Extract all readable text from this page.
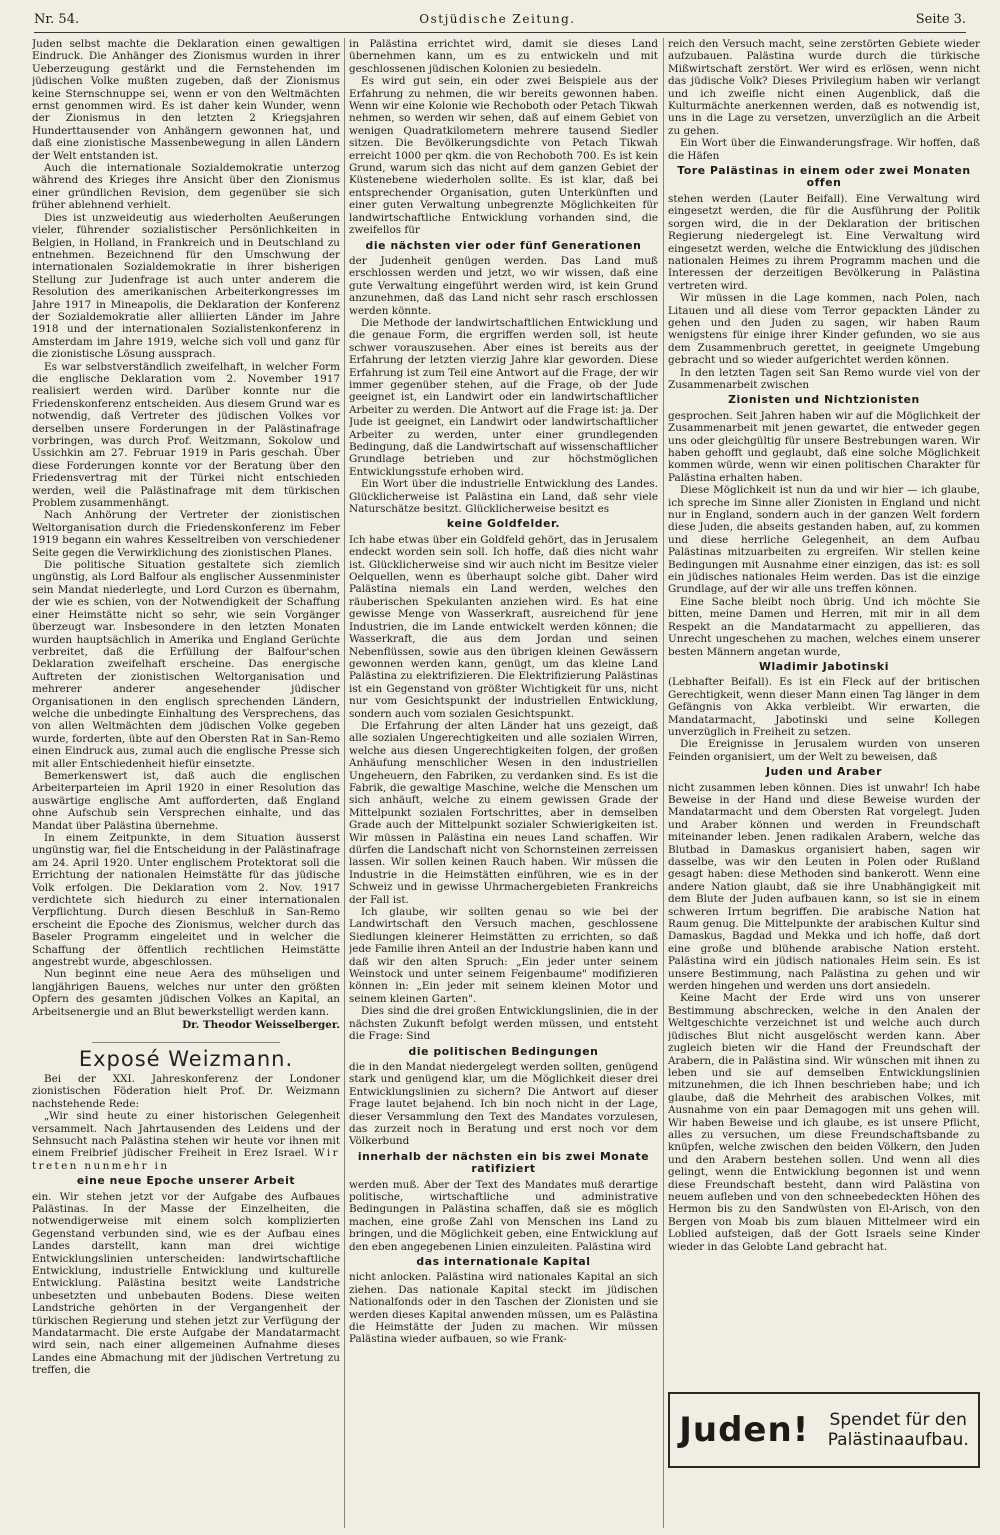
Nr. 54.	Ostjüdische Zeitung.	Seite 3.

Juden selbst machte die Deklaration einen gewaltigen Eindruck. Die Anhänger des Zionismus wurden in ihrer Ueberzeugung gestärkt und die Fernstehenden im jüdischen Volke mußten zugeben, daß der Zionismus keine Sternschnuppe sei, wenn er von den Weltmächten ernst genommen wird. Es ist daher kein Wunder, wenn der Zionismus in den letzten 2 Kriegsjahren Hunderttausender von Anhängern gewonnen hat, und daß eine zionistische Massenbewegung in allen Ländern der Welt entstanden ist.

Auch die internationale Sozialdemokratie unterzog während des Krieges ihre Ansicht über den Zionismus einer gründlichen Revision, dem gegenüber sie sich früher ablehnend verhielt.

Dies ist unzweideutig aus wiederholten Aeußerungen vieler, führender sozialistischer Persönlichkeiten in Belgien, in Holland, in Frankreich und in Deutschland zu entnehmen. Bezeichnend für den Umschwung der internationalen Sozialdemokratie in ihrer bisherigen Stellung zur Judenfrage ist auch unter anderem die Resolution des amerikanischen Arbeiterkongresses im Jahre 1917 in Mineapolis, die Deklaration der Konferenz der Sozialdemokratie aller alliierten Länder im Jahre 1918 und der internationalen Sozialistenkonferenz in Amsterdam im Jahre 1919, welche sich voll und ganz für die zionistische Lösung aussprach.

Es war selbstverständlich zweifelhaft, in welcher Form die englische Deklaration vom 2. November 1917 realisiert werden wird. Darüber konnte nur die Friedenskonferenz entscheiden. Aus diesem Grund war es notwendig, daß Vertreter des jüdischen Volkes vor derselben unsere Forderungen in der Palästinafrage vorbringen, was durch Prof. Weitzmann, Sokolow und Ussichkin am 27. Februar 1919 in Paris geschah. Über diese Forderungen konnte vor der Beratung über den Friedensvertrag mit der Türkei nicht entschieden werden, weil die Palästinafrage mit dem türkischen Problem zusammenhängt.

Nach Anhörung der Vertreter der zionistischen Weltorganisation durch die Friedenskonferenz im Feber 1919 begann ein wahres Kesseltreiben von verschiedener Seite gegen die Verwirklichung des zionistischen Planes.

Die politische Situation gestaltete sich ziemlich ungünstig, als Lord Balfour als englischer Aussenminister sein Mandat niederlegte, und Lord Curzon es übernahm, der wie es schien, von der Notwendigkeit der Schaffung einer Heimstätte nicht so sehr, wie sein Vorgänger überzeugt war. Insbesondere in den letzten Monaten wurden hauptsächlich in Amerika und England Gerüchte verbreitet, daß die Erfüllung der Balfour'schen Deklaration zweifelhaft erscheine. Das energische Auftreten der zionistischen Weltorganisation und mehrerer anderer angesehender jüdischer Organisationen in den englisch sprechenden Ländern, welche die unbedingte Einhaltung des Versprechens, das von allen Weltmächten dem jüdischen Volke gegeben wurde, forderten, übte auf den Obersten Rat in San-Remo einen Eindruck aus, zumal auch die englische Presse sich mit aller Entschiedenheit hiefür einsetzte.

Bemerkenswert ist, daß auch die englischen Arbeiterparteien im April 1920 in einer Resolution das auswärtige englische Amt aufforderten, daß England ohne Aufschub sein Versprechen einhalte, und das Mandat über Palästina übernehme.

In einem Zeitpunkte, in dem Situation äusserst ungünstig war, fiel die Entscheidung in der Palästinafrage am 24. April 1920. Unter englischem Protektorat soll die Errichtung der nationalen Heimstätte für das jüdische Volk erfolgen. Die Deklaration vom 2. Nov. 1917 verdichtete sich hiedurch zu einer internationalen Verpflichtung. Durch diesen Beschluß in San-Remo erscheint die Epoche des Zionismus, welcher durch das Baseler Programm eingeleitet und in welcher die Schaffung der öffentlich rechtlichen Heimstätte angestrebt wurde, abgeschlossen.

Nun beginnt eine neue Aera des mühseligen und langjährigen Bauens, welches nur unter den größten Opfern des gesamten jüdischen Volkes an Kapital, an Arbeitsenergie und an Blut bewerkstelligt werden kann.

Dr. Theodor Weisselberger.
Exposé Weizmann.

Bei der XXI. Jahreskonferenz der Londoner zionistischen Föderation hielt Prof. Dr. Weizmann nachstehende Rede:

„Wir sind heute zu einer historischen Gelegenheit versammelt. Nach Jahrtausenden des Leidens und der Sehnsucht nach Palästina stehen wir heute vor ihnen mit einem Freibrief jüdischer Freiheit in Erez Israel. Wir treten nunmehr in

eine neue Epoche unserer Arbeit

ein. Wir stehen jetzt vor der Aufgabe des Aufbaues Palästinas. In der Masse der Einzelheiten, die notwendigerweise mit einem solch komplizierten Gegenstand verbunden sind, wie es der Aufbau eines Landes darstellt, kann man drei wichtige Entwicklungslinien unterscheiden: landwirtschaftliche Entwicklung, industrielle Entwicklung und kulturelle Entwicklung. Palästina besitzt weite Landstriche unbesetzten und unbebauten Bodens. Diese weiten Landstriche gehörten in der Vergangenheit der türkischen Regierung und stehen jetzt zur Verfügung der Mandatarmacht. Die erste Aufgabe der Mandatarmacht wird sein, nach einer allgemeinen Aufnahme dieses Landes eine Abmachung mit der jüdischen Vertretung zu treffen, die

in Palästina errichtet wird, damit sie dieses Land übernehmen kann, um es zu entwickeln und mit geschlossenen jüdischen Kolonien zu besiedeln.

Es wird gut sein, ein oder zwei Beispiele aus der Erfahrung zu nehmen, die wir bereits gewonnen haben. Wenn wir eine Kolonie wie Rechoboth oder Petach Tikwah nehmen, so werden wir sehen, daß auf einem Gebiet von wenigen Quadratkilometern mehrere tausend Siedler sitzen. Die Bevölkerungsdichte von Petach Tikwah erreicht 1000 per qkm. die von Rechoboth 700. Es ist kein Grund, warum sich das nicht auf dem ganzen Gebiet der Küstenebene wiederholen sollte. Es ist klar, daß bei entsprechender Organisation, guten Unterkünften und einer guten Verwaltung unbegrenzte Möglichkeiten für landwirtschaftliche Entwicklung vorhanden sind, die zweifellos für

die nächsten vier oder fünf Generationen

der Judenheit genügen werden. Das Land muß erschlossen werden und jetzt, wo wir wissen, daß eine gute Verwaltung eingeführt werden wird, ist kein Grund anzunehmen, daß das Land nicht sehr rasch erschlossen werden könnte.

Die Methode der landwirtschaftlichen Entwicklung und die genaue Form, die ergriffen werden soll, ist heute schwer vorauszusehen. Aber eines ist bereits aus der Erfahrung der letzten vierzig Jahre klar geworden. Diese Erfahrung ist zum Teil eine Antwort auf die Frage, der wir immer gegenüber stehen, auf die Frage, ob der Jude geeignet ist, ein Landwirt oder ein landwirtschaftlicher Arbeiter zu werden. Die Antwort auf die Frage ist: ja. Der Jude ist geeignet, ein Landwirt oder landwirtschaftlicher Arbeiter zu werden, unter einer grundlegenden Bedingung, daß die Landwirtschaft auf wissenschaftlicher Grundlage betrieben und zur höchstmöglichen Entwicklungsstufe erhoben wird.

Ein Wort über die industrielle Entwicklung des Landes. Glücklicherweise ist Palästina ein Land, daß sehr viele Naturschätze besitzt. Glücklicherweise besitzt es

keine Goldfelder.

Ich habe etwas über ein Goldfeld gehört, das in Jerusalem endeckt worden sein soll. Ich hoffe, daß dies nicht wahr ist. Glücklicherweise sind wir auch nicht im Besitze vieler Oelquellen, wenn es überhaupt solche gibt. Daher wird Palästina niemals ein Land werden, welches den räuberischen Spekulanten anziehen wird. Es hat eine gewisse Menge von Wasserkraft, ausreichend für jene Industrien, die im Lande entwickelt werden können; die Wasserkraft, die aus dem Jordan und seinen Nebenflüssen, sowie aus den übrigen kleinen Gewässern gewonnen werden kann, genügt, um das kleine Land Palästina zu elektrifizieren. Die Elektrifizierung Palästinas ist ein Gegenstand von größter Wichtigkeit für uns, nicht nur vom Gesichtspunkt der industriellen Entwicklung, sondern auch vom sozialen Gesichtspunkt.

Die Erfahrung der alten Länder hat uns gezeigt, daß alle sozialen Ungerechtigkeiten und alle sozialen Wirren, welche aus diesen Ungerechtigkeiten folgen, der großen Anhäufung menschlicher Wesen in den industriellen Ungeheuern, den Fabriken, zu verdanken sind. Es ist die Fabrik, die gewaltige Maschine, welche die Menschen um sich anhäuft, welche zu einem gewissen Grade der Mittelpunkt sozialen Fortschrittes, aber in demselben Grade auch der Mittelpunkt sozialer Schwierigkeiten ist. Wir müssen in Palästina ein neues Land schaffen. Wir dürfen die Landschaft nicht von Schornsteinen zerreissen lassen. Wir sollen keinen Rauch haben. Wir müssen die Industrie in die Heimstätten einführen, wie es in der Schweiz und in gewisse Uhrmachergebieten Frankreichs der Fall ist.

Ich glaube, wir sollten genau so wie bei der Landwirtschaft den Versuch machen, geschlossene Siedlungen kleinerer Heimstätten zu errichten, so daß jede Familie ihren Anteil an der Industrie haben kann und daß wir den alten Spruch: „Ein jeder unter seinem Weinstock und unter seinem Feigenbaume" modifizieren können in: „Ein jeder mit seinem kleinen Motor und seinem kleinen Garten".

Dies sind die drei großen Entwicklungslinien, die in der nächsten Zukunft befolgt werden müssen, und entsteht die Frage: Sind

die politischen Bedingungen

die in den Mandat niedergelegt werden sollten, genügend stark und genügend klar, um die Möglichkeit dieser drei Entwicklungslinien zu sichern? Die Antwort auf dieser Frage lautet bejahend. Ich bin noch nicht in der Lage, dieser Versammlung den Text des Mandates vorzulesen, das zurzeit noch in Beratung und erst noch vor dem Völkerbund

innerhalb der nächsten ein bis zwei Monate ratifiziert

werden muß. Aber der Text des Mandates muß derartige politische, wirtschaftliche und administrative Bedingungen in Palästina schaffen, daß sie es möglich machen, eine große Zahl von Menschen ins Land zu bringen, und die Möglichkeit geben, eine Entwicklung auf den eben angegebenen Linien einzuleiten. Palästina wird

das internationale Kapital

nicht anlocken. Palästina wird nationales Kapital an sich ziehen. Das nationale Kapital steckt im jüdischen Nationalfonds oder in den Taschen der Zionisten und sie werden dieses Kapital anwenden müssen, um es Palästina die Heimstätte der Juden zu machen. Wir müssen Palästina wieder aufbauen, so wie Frank-

reich den Versuch macht, seine zerstörten Gebiete wieder aufzubauen. Palästina wurde durch die türkische Mißwirtschaft zerstört. Wer wird es erlösen, wenn nicht das jüdische Volk? Dieses Privilegium haben wir verlangt und ich zweifle nicht einen Augenblick, daß die Kulturmächte anerkennen werden, daß es notwendig ist, uns in die Lage zu versetzen, unverzüglich an die Arbeit zu gehen.

Ein Wort über die Einwanderungsfrage. Wir hoffen, daß die Häfen

Tore Palästinas in einem oder zwei Monaten offen

stehen werden (Lauter Beifall). Eine Verwaltung wird eingesetzt werden, die für die Ausführung der Politik sorgen wird, die in der Deklaration der britischen Regierung niedergelegt ist. Eine Verwaltung wird eingesetzt werden, welche die Entwicklung des jüdischen nationalen Heimes zu ihrem Programm machen und die Interessen der derzeitigen Bevölkerung in Palästina vertreten wird.

Wir müssen in die Lage kommen, nach Polen, nach Litauen und all diese vom Terror gepackten Länder zu gehen und den Juden zu sagen, wir haben Raum wenigstens für einige ihrer Kinder gefunden, wo sie aus dem Zusammenbruch gerettet, in geeignete Umgebung gebracht und so wieder aufgerichtet werden können.

In den letzten Tagen seit San Remo wurde viel von der Zusammenarbeit zwischen

Zionisten und Nichtzionisten

gesprochen. Seit Jahren haben wir auf die Möglichkeit der Zusammenarbeit mit jenen gewartet, die entweder gegen uns oder gleichgültig für unsere Bestrebungen waren. Wir haben gehofft und geglaubt, daß eine solche Möglichkeit kommen würde, wenn wir einen politischen Charakter für Palästina erhalten haben.

Diese Möglichkeit ist nun da und wir hier — ich glaube, ich spreche im Sinne aller Zionisten in England und nicht nur in England, sondern auch in der ganzen Welt fordern diese Juden, die abseits gestanden haben, auf, zu kommen und diese herrliche Gelegenheit, an dem Aufbau Palästinas mitzuarbeiten zu ergreifen. Wir stellen keine Bedingungen mit Ausnahme einer einzigen, das ist: es soll ein jüdisches nationales Heim werden. Das ist die einzige Grundlage, auf der wir alle uns treffen können.

Eine Sache bleibt noch übrig. Und ich möchte Sie bitten, meine Damen und Herren, mit mir in all dem Respekt an die Mandatarmacht zu appellieren, das Unrecht ungeschehen zu machen, welches einem unserer besten Männern angetan wurde,

Wladimir Jabotinski

(Lebhafter Beifall). Es ist ein Fleck auf der britischen Gerechtigkeit, wenn dieser Mann einen Tag länger in dem Gefängnis von Akka verbleibt. Wir erwarten, die Mandatarmacht, Jabotinski und seine Kollegen unverzüglich in Freiheit zu setzen.

Die Ereignisse in Jerusalem wurden von unseren Feinden organisiert, um der Welt zu beweisen, daß

Juden und Araber

nicht zusammen leben können. Dies ist unwahr! Ich habe Beweise in der Hand und diese Beweise wurden der Mandatarmacht und dem Obersten Rat vorgelegt. Juden und Araber können und werden in Freundschaft miteinander leben. Jenen radikalen Arabern, welche das Blutbad in Damaskus organisiert haben, sagen wir dasselbe, was wir den Leuten in Polen oder Rußland gesagt haben: diese Methoden sind bankerott. Wenn eine andere Nation glaubt, daß sie ihre Unabhängigkeit mit dem Blute der Juden aufbauen kann, so ist sie in einem schweren Irrtum begriffen. Die arabische Nation hat Raum genug. Die Mittelpunkte der arabischen Kultur sind Damaskus, Bagdad und Mekka und ich hoffe, daß dort eine große und blühende arabische Nation ersteht. Palästina wird ein jüdisch nationales Heim sein. Es ist unsere Bestimmung, nach Palästina zu gehen und wir werden hingehen und werden uns dort ansiedeln.

Keine Macht der Erde wird uns von unserer Bestimmung abschrecken, welche in den Analen der Weltgeschichte verzeichnet ist und welche auch durch jüdisches Blut nicht ausgelöscht werden kann. Aber zugleich bieten wir die Hand der Freundschaft der Arabern, die in Palästina sind. Wir wünschen mit ihnen zu leben und sie auf demselben Entwicklungslinien mitzunehmen, die ich Ihnen beschrieben habe; und ich glaube, daß die Mehrheit des arabischen Volkes, mit Ausnahme von ein paar Demagogen mit uns gehen will. Wir haben Beweise und ich glaube, es ist unsere Pflicht, alles zu versuchen, um diese Freundschaftsbande zu knüpfen, welche zwischen den beiden Völkern, den Juden und den Arabern bestehen sollen. Und wenn all dies gelingt, wenn die Entwicklung begonnen ist und wenn diese Freundschaft besteht, dann wird Palästina von neuem aufleben und von den schneebedeckten Höhen des Hermon bis zu den Sandwüsten von El-Arisch, von den Bergen von Moab bis zum blauen Mittelmeer wird ein Loblied aufsteigen, daß der Gott Israels seine Kinder wieder in das Gelobte Land gebracht hat.

Juden! Spendet für den
Palästinaaufbau.
